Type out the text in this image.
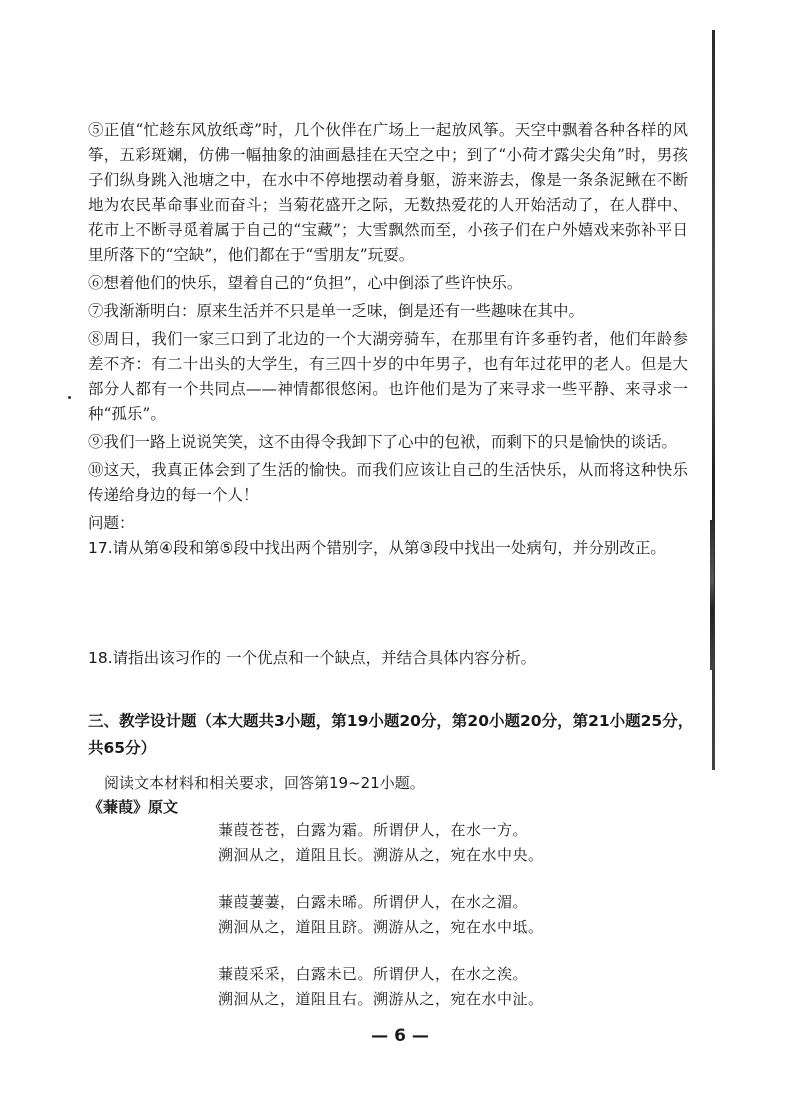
⑤正值“忙趁东风放纸鸢”时，几个伙伴在广场上一起放风筝。天空中飘着各种各样的风筝，五彩斑斓，仿佛一幅抽象的油画悬挂在天空之中；到了“小荷才露尖尖角”时，男孩子们纵身跳入池塘之中，在水中不停地摆动着身躯，游来游去，像是一条条泥鳅在不断地为农民革命事业而奋斗；当菊花盛开之际，无数热爱花的人开始活动了，在人群中、花市上不断寻觅着属于自己的“宝藏”；大雪飘然而至，小孩子们在户外嬉戏来弥补平日里所落下的“空缺”，他们都在于“雪朋友”玩耍。

⑥想着他们的快乐，望着自己的“负担”，心中倒添了些许快乐。

⑦我渐渐明白：原来生活并不只是单一乏味，倒是还有一些趣味在其中。

⑧周日，我们一家三口到了北边的一个大湖旁骑车，在那里有许多垂钓者，他们年龄参差不齐：有二十出头的大学生，有三四十岁的中年男子，也有年过花甲的老人。但是大部分人都有一个共同点——神情都很悠闲。也许他们是为了来寻求一些平静、来寻求一种“孤乐”。

⑨我们一路上说说笑笑，这不由得令我卸下了心中的包袱，而剩下的只是愉快的谈话。

⑩这天，我真正体会到了生活的愉快。而我们应该让自己的生活快乐，从而将这种快乐传递给身边的每一个人！

问题：

17.请从第④段和第⑤段中找出两个错别字，从第③段中找出一处病句，并分别改正。

18.请指出该习作的 一个优点和一个缺点，并结合具体内容分析。

三、教学设计题（本大题共3小题，第19小题20分，第20小题20分，第21小题25分，共65分）
阅读文本材料和相关要求，回答第19~21小题。
《蒹葭》原文
蒹葭苍苍，白露为霜。所谓伊人，在水一方。
溯洄从之，道阻且长。溯游从之，宛在水中央。
蒹葭萋萋，白露未晞。所谓伊人，在水之湄。
溯洄从之，道阻且跻。溯游从之，宛在水中坻。
蒹葭采采，白露未已。所谓伊人，在水之涘。
溯洄从之，道阻且右。溯游从之，宛在水中沚。
— 6 —
